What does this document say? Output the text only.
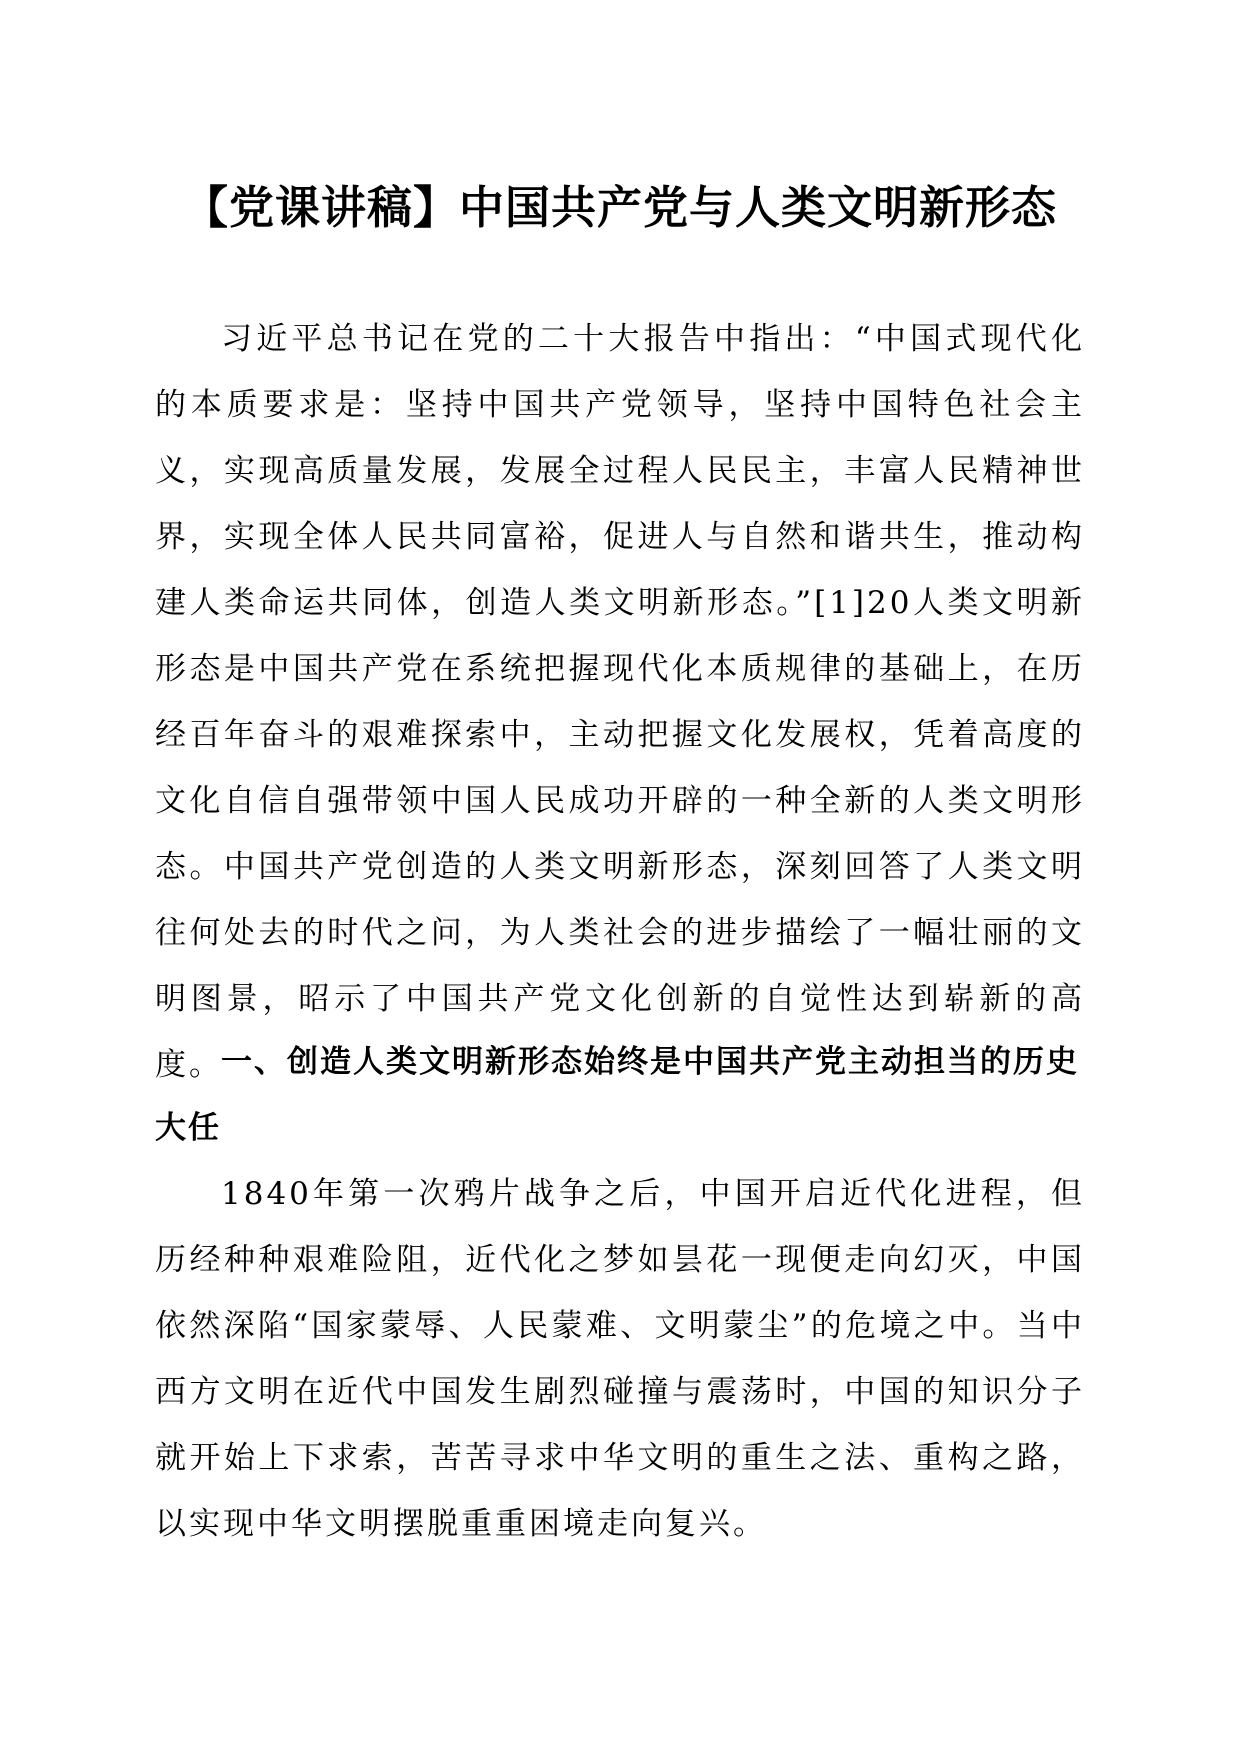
【党课讲稿】中国共产党与人类文明新形态

习近平总书记在党的二十大报告中指出：“中国式现代化的本质要求是：坚持中国共产党领导，坚持中国特色社会主义，实现高质量发展，发展全过程人民民主，丰富人民精神世界，实现全体人民共同富裕，促进人与自然和谐共生，推动构建人类命运共同体，创造人类文明新形态。”[1]20人类文明新形态是中国共产党在系统把握现代化本质规律的基础上，在历经百年奋斗的艰难探索中，主动把握文化发展权，凭着高度的文化自信自强带领中国人民成功开辟的一种全新的人类文明形态。中国共产党创造的人类文明新形态，深刻回答了人类文明往何处去的时代之问，为人类社会的进步描绘了一幅壮丽的文明图景，昭示了中国共产党文化创新的自觉性达到崭新的高度。

一、创造人类文明新形态始终是中国共产党主动担当的历史大任

1840年第一次鸦片战争之后，中国开启近代化进程，但历经种种艰难险阻，近代化之梦如昙花一现便走向幻灭，中国依然深陷“国家蒙辱、人民蒙难、文明蒙尘”的危境之中。当中西方文明在近代中国发生剧烈碰撞与震荡时，中国的知识分子就开始上下求索，苦苦寻求中华文明的重生之法、重构之路，以实现中华文明摆脱重重困境走向复兴。
